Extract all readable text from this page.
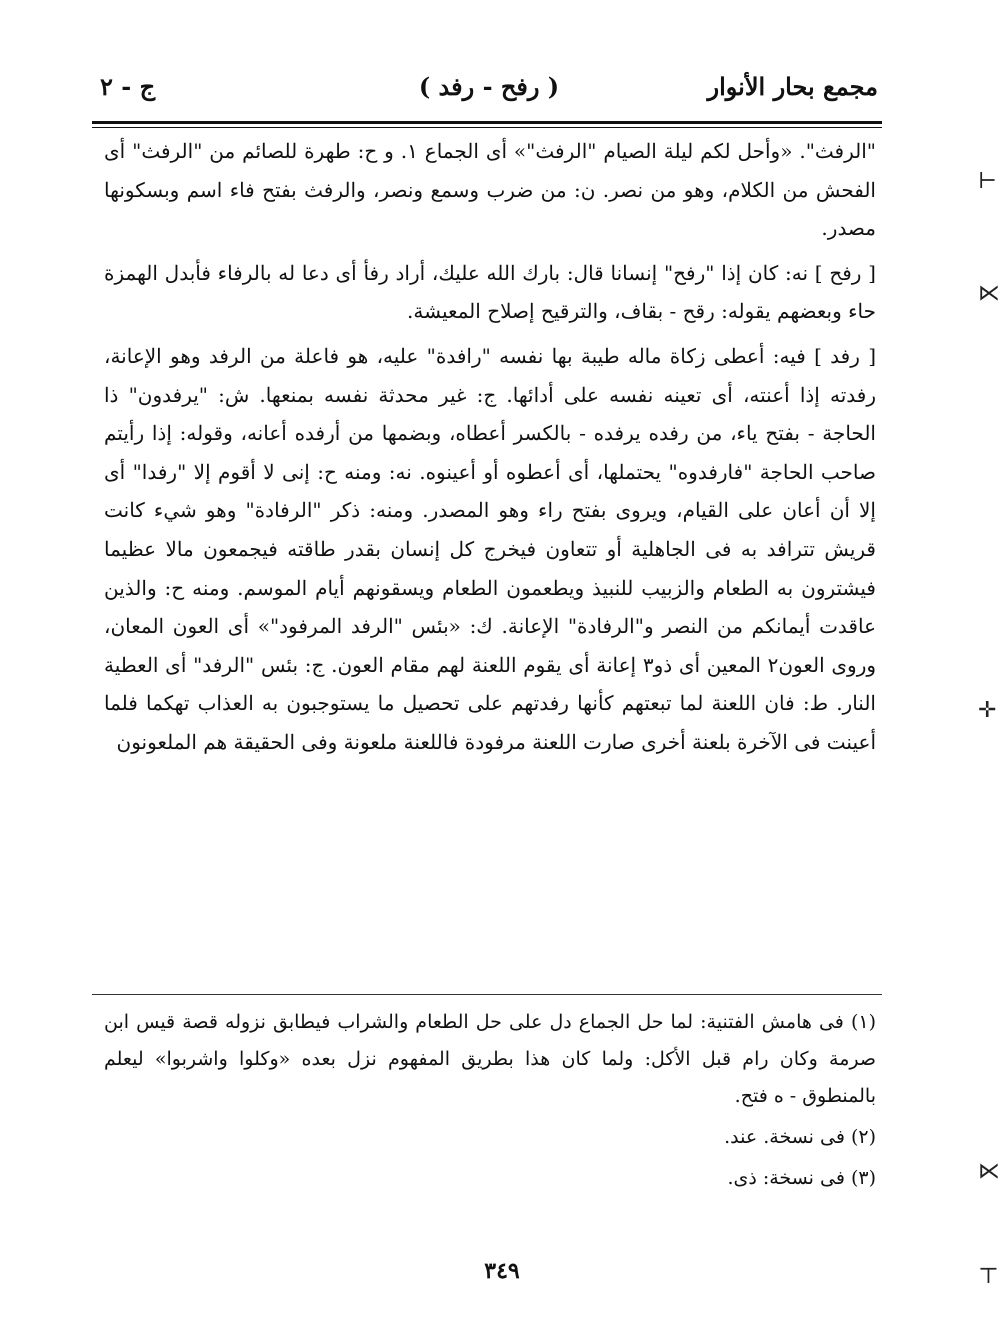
مجمع بحار الأنوار
( رفح - رفد )
ج - ٢

"الرفث". «وأحل لكم ليلة الصيام "الرفث"» أى الجماع ١. و ح: طهرة للصائم من "الرفث" أى الفحش من الكلام، وهو من نصر. ن: من ضرب وسمع ونصر، والرفث بفتح فاء اسم وبسكونها مصدر.

[ رفح ] نه: كان إذا "رفح" إنسانا قال: بارك الله عليك، أراد رفأ أى دعا له بالرفاء فأبدل الهمزة حاء وبعضهم يقوله: رقح - بقاف، والترقيح إصلاح المعيشة.

[ رفد ] فيه: أعطى زكاة ماله طيبة بها نفسه "رافدة" عليه، هو فاعلة من الرفد وهو الإعانة، رفدته إذا أعنته، أى تعينه نفسه على أدائها. ج: غير محدثة نفسه بمنعها. ش: "يرفدون" ذا الحاجة - بفتح ياء، من رفده يرفده - بالكسر أعطاه، وبضمها من أرفده أعانه، وقوله: إذا رأيتم صاحب الحاجة "فارفدوه" يحتملها، أى أعطوه أو أعينوه. نه: ومنه ح: إنى لا أقوم إلا "رفدا" أى إلا أن أعان على القيام، ويروى بفتح راء وهو المصدر. ومنه: ذكر "الرفادة" وهو شيء كانت قريش تترافد به فى الجاهلية أو تتعاون فيخرج كل إنسان بقدر طاقته فيجمعون مالا عظيما فيشترون به الطعام والزبيب للنبيذ ويطعمون الطعام ويسقونهم أيام الموسم. ومنه ح: والذين عاقدت أيمانكم من النصر و"الرفادة" الإعانة. ك: «بئس "الرفد المرفود"» أى العون المعان، وروى العون٢ المعين أى ذو٣ إعانة أى يقوم اللعنة لهم مقام العون. ج: بئس "الرفد" أى العطية النار. ط: فان اللعنة لما تبعتهم كأنها رفدتهم على تحصيل ما يستوجبون به العذاب تهكما فلما أعينت فى الآخرة بلعنة أخرى صارت اللعنة مرفودة فاللعنة ملعونة وفى الحقيقة هم الملعونون

(١) فى هامش الفتنية: لما حل الجماع دل على حل الطعام والشراب فيطابق نزوله قصة قيس ابن صرمة وكان رام قبل الأكل: ولما كان هذا بطريق المفهوم نزل بعده «وكلوا واشربوا» ليعلم بالمنطوق - ه فتح.

(٢) فى نسخة. عند.

(٣) فى نسخة: ذى.

٣٤٩
⊢
⋉
✛
⋉
⊤
